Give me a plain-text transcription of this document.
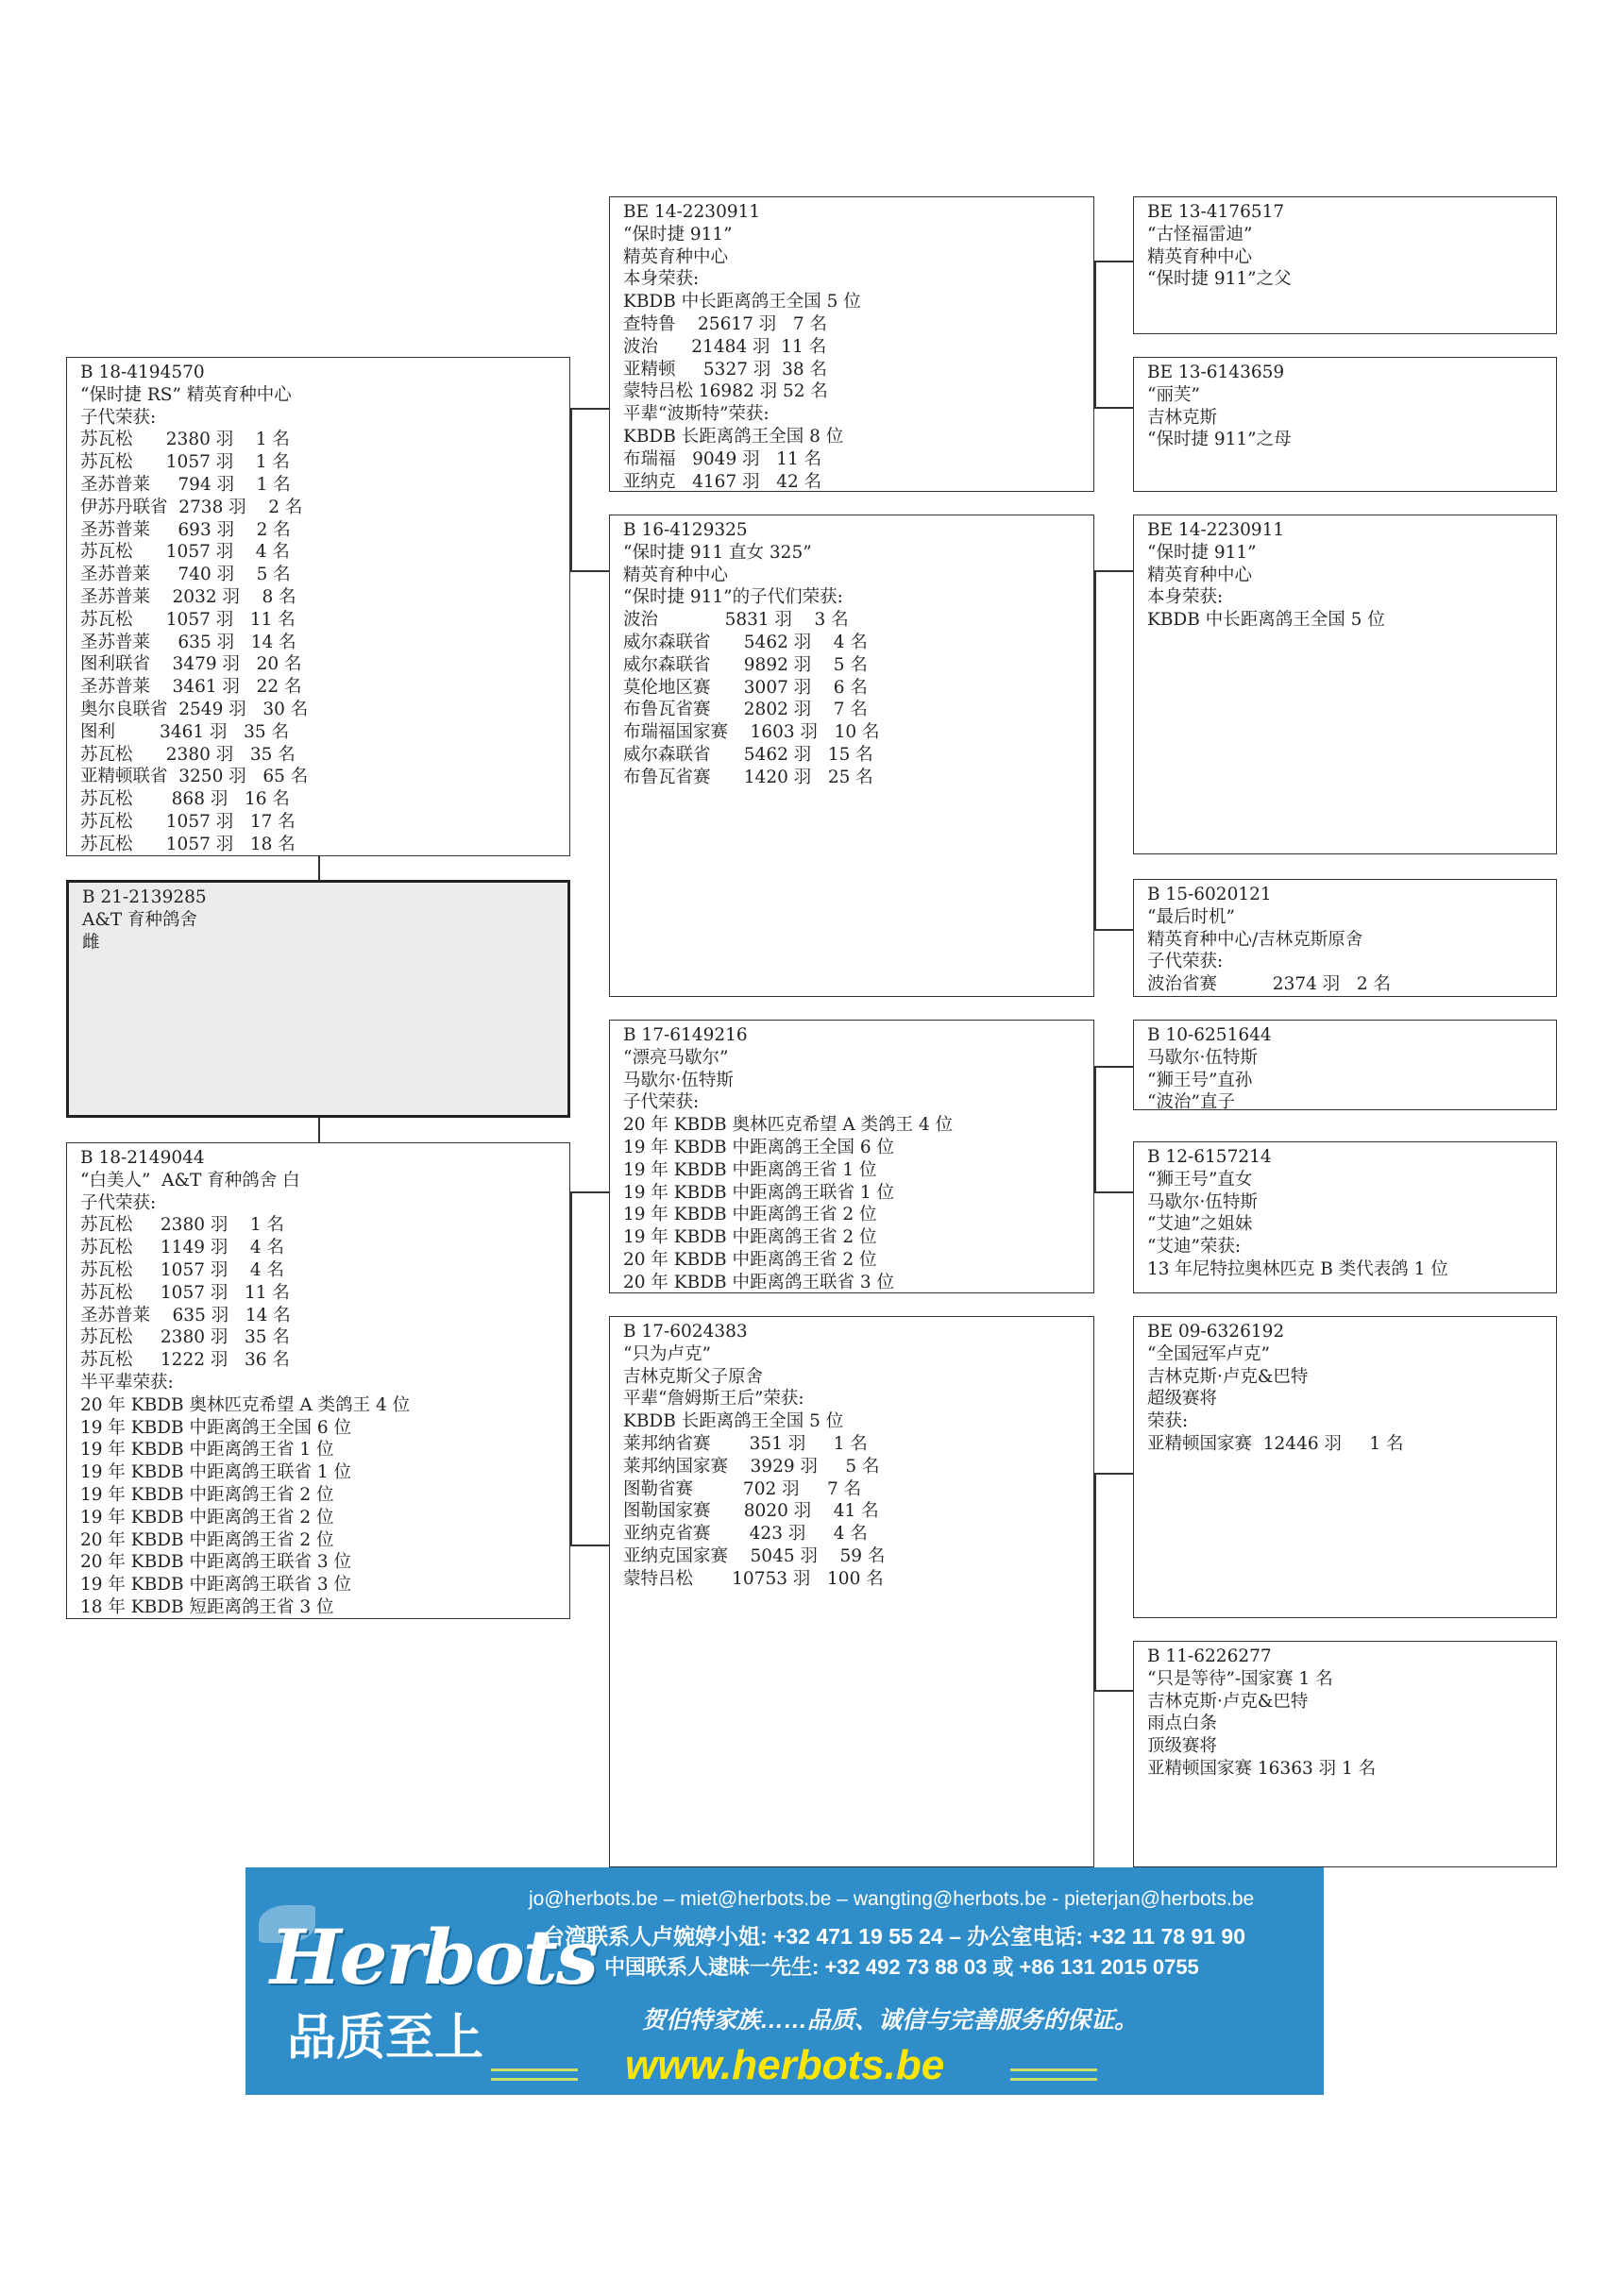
B 18-4194570
“保时捷 RS” 精英育种中心
子代荣获:
苏瓦松      2380 羽    1 名
苏瓦松      1057 羽    1 名
圣苏普莱     794 羽    1 名
伊苏丹联省  2738 羽    2 名
圣苏普莱     693 羽    2 名
苏瓦松      1057 羽    4 名
圣苏普莱     740 羽    5 名
圣苏普莱    2032 羽    8 名
苏瓦松      1057 羽   11 名
圣苏普莱     635 羽   14 名
图利联省    3479 羽   20 名
圣苏普莱    3461 羽   22 名
奥尔良联省  2549 羽   30 名
图利        3461 羽   35 名
苏瓦松      2380 羽   35 名
亚精顿联省  3250 羽   65 名
苏瓦松       868 羽   16 名
苏瓦松      1057 羽   17 名
苏瓦松      1057 羽   18 名
B 21-2139285
A&T 育种鸽舍
雌
B 18-2149044
“白美人”  A&T 育种鸽舍 白
子代荣获:
苏瓦松     2380 羽    1 名
苏瓦松     1149 羽    4 名
苏瓦松     1057 羽    4 名
苏瓦松     1057 羽   11 名
圣苏普莱    635 羽   14 名
苏瓦松     2380 羽   35 名
苏瓦松     1222 羽   36 名
半平辈荣获:
20 年 KBDB 奥林匹克希望 A 类鸽王 4 位
19 年 KBDB 中距离鸽王全国 6 位
19 年 KBDB 中距离鸽王省 1 位
19 年 KBDB 中距离鸽王联省 1 位
19 年 KBDB 中距离鸽王省 2 位
19 年 KBDB 中距离鸽王省 2 位
20 年 KBDB 中距离鸽王省 2 位
20 年 KBDB 中距离鸽王联省 3 位
19 年 KBDB 中距离鸽王联省 3 位
18 年 KBDB 短距离鸽王省 3 位
BE 14-2230911
“保时捷 911”
精英育种中心
本身荣获:
KBDB 中长距离鸽王全国 5 位
查特鲁    25617 羽   7 名
波治      21484 羽  11 名
亚精顿     5327 羽  38 名
蒙特吕松 16982 羽 52 名
平辈“波斯特”荣获:
KBDB 长距离鸽王全国 8 位
布瑞福   9049 羽   11 名
亚纳克   4167 羽   42 名
B 16-4129325
“保时捷 911 直女 325”
精英育种中心
“保时捷 911”的子代们荣获:
波治            5831 羽    3 名
威尔森联省      5462 羽    4 名
威尔森联省      9892 羽    5 名
莫伦地区赛      3007 羽    6 名
布鲁瓦省赛      2802 羽    7 名
布瑞福国家赛    1603 羽   10 名
威尔森联省      5462 羽   15 名
布鲁瓦省赛      1420 羽   25 名
B 17-6149216
“漂亮马歇尔”
马歇尔·伍特斯
子代荣获:
20 年 KBDB 奥林匹克希望 A 类鸽王 4 位
19 年 KBDB 中距离鸽王全国 6 位
19 年 KBDB 中距离鸽王省 1 位
19 年 KBDB 中距离鸽王联省 1 位
19 年 KBDB 中距离鸽王省 2 位
19 年 KBDB 中距离鸽王省 2 位
20 年 KBDB 中距离鸽王省 2 位
20 年 KBDB 中距离鸽王联省 3 位
B 17-6024383
“只为卢克”
吉林克斯父子原舍
平辈“詹姆斯王后”荣获:
KBDB 长距离鸽王全国 5 位
莱邦纳省赛       351 羽     1 名
莱邦纳国家赛    3929 羽     5 名
图勒省赛         702 羽     7 名
图勒国家赛      8020 羽    41 名
亚纳克省赛       423 羽     4 名
亚纳克国家赛    5045 羽    59 名
蒙特吕松       10753 羽   100 名
BE 13-4176517
“古怪福雷迪”
精英育种中心
“保时捷 911”之父
BE 13-6143659
“丽芙”
吉林克斯
“保时捷 911”之母
BE 14-2230911
“保时捷 911”
精英育种中心
本身荣获:
KBDB 中长距离鸽王全国 5 位
B 15-6020121
“最后时机”
精英育种中心/吉林克斯原舍
子代荣获:
波治省赛          2374 羽   2 名
B 10-6251644
马歇尔·伍特斯
“狮王号”直孙
“波治”直子
B 12-6157214
“狮王号”直女
马歇尔·伍特斯
“艾迪”之姐妹
“艾迪”荣获:
13 年尼特拉奥林匹克 B 类代表鸽 1 位
BE 09-6326192
“全国冠军卢克”
吉林克斯·卢克&巴特
超级赛将
荣获:
亚精顿国家赛  12446 羽     1 名
B 11-6226277
“只是等待”-国家赛 1 名
吉林克斯·卢克&巴特
雨点白条
顶级赛将
亚精顿国家赛 16363 羽 1 名
Herbots
品质至上
jo@herbots.be – miet@herbots.be – wangting@herbots.be - pieterjan@herbots.be
台湾联系人卢婉婷小姐: +32 471 19 55 24 – 办公室电话: +32 11 78 91 90
中国联系人逮昧一先生: +32 492 73 88 03 或 +86 131 2015 0755
贺伯特家族……品质、诚信与完善服务的保证。
www.herbots.be
